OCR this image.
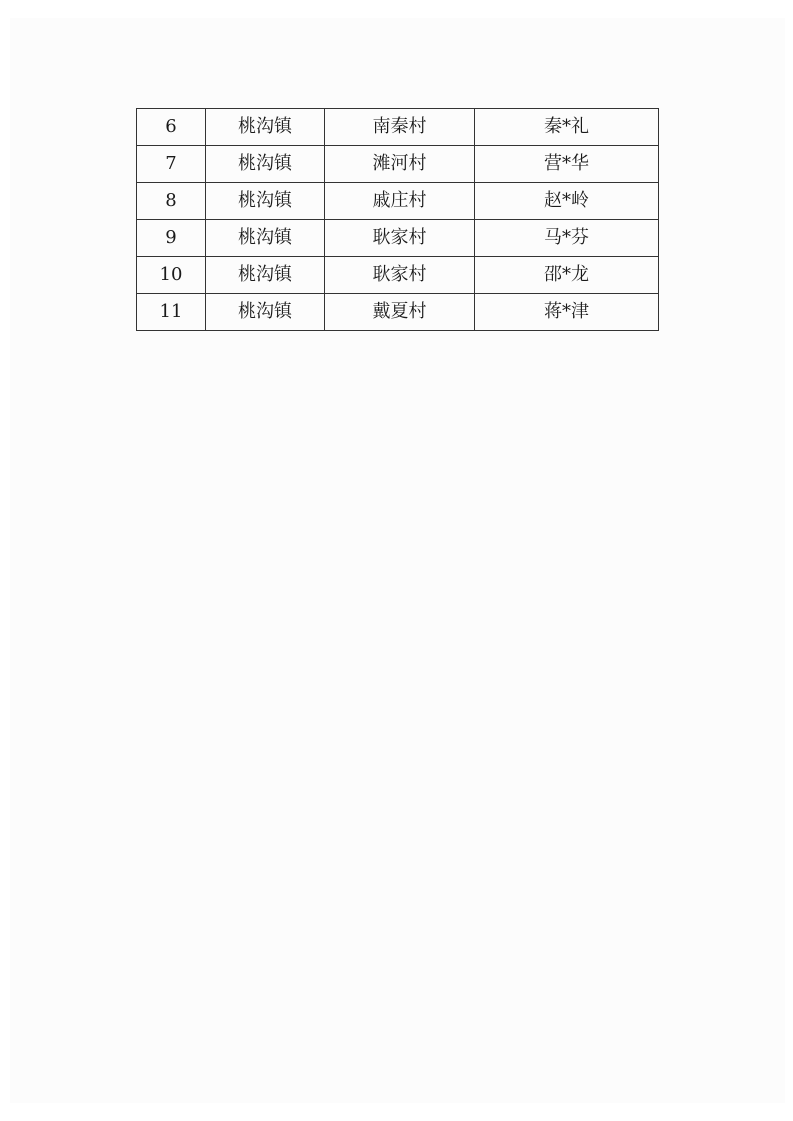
6	桃沟镇	南秦村	秦*礼
7	桃沟镇	滩河村	营*华
8	桃沟镇	戚庄村	赵*岭
9	桃沟镇	耿家村	马*芬
10	桃沟镇	耿家村	邵*龙
11	桃沟镇	戴夏村	蒋*津
